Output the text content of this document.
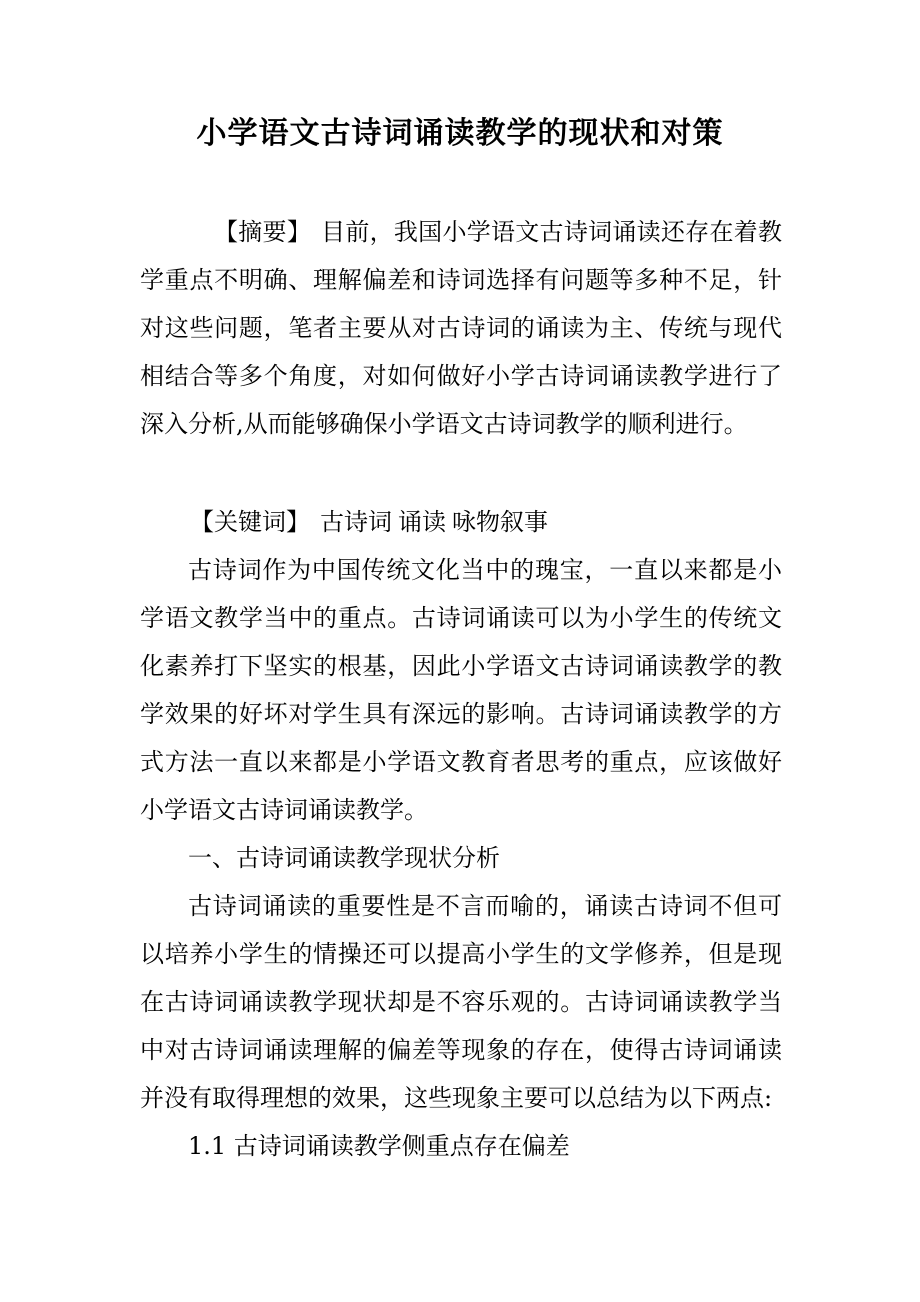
小学语文古诗词诵读教学的现状和对策
【摘要】 目前，我国小学语文古诗词诵读还存在着教学重点不明确、理解偏差和诗词选择有问题等多种不足，针对这些问题，笔者主要从对古诗词的诵读为主、传统与现代相结合等多个角度，对如何做好小学古诗词诵读教学进行了深入分析,从而能够确保小学语文古诗词教学的顺利进行。
【关键词】 古诗词 诵读 咏物叙事
古诗词作为中国传统文化当中的瑰宝，一直以来都是小学语文教学当中的重点。古诗词诵读可以为小学生的传统文化素养打下坚实的根基，因此小学语文古诗词诵读教学的教学效果的好坏对学生具有深远的影响。古诗词诵读教学的方式方法一直以来都是小学语文教育者思考的重点，应该做好小学语文古诗词诵读教学。
一、古诗词诵读教学现状分析
古诗词诵读的重要性是不言而喻的，诵读古诗词不但可以培养小学生的情操还可以提高小学生的文学修养，但是现在古诗词诵读教学现状却是不容乐观的。古诗词诵读教学当中对古诗词诵读理解的偏差等现象的存在，使得古诗词诵读并没有取得理想的效果，这些现象主要可以总结为以下两点:
1.1 古诗词诵读教学侧重点存在偏差
